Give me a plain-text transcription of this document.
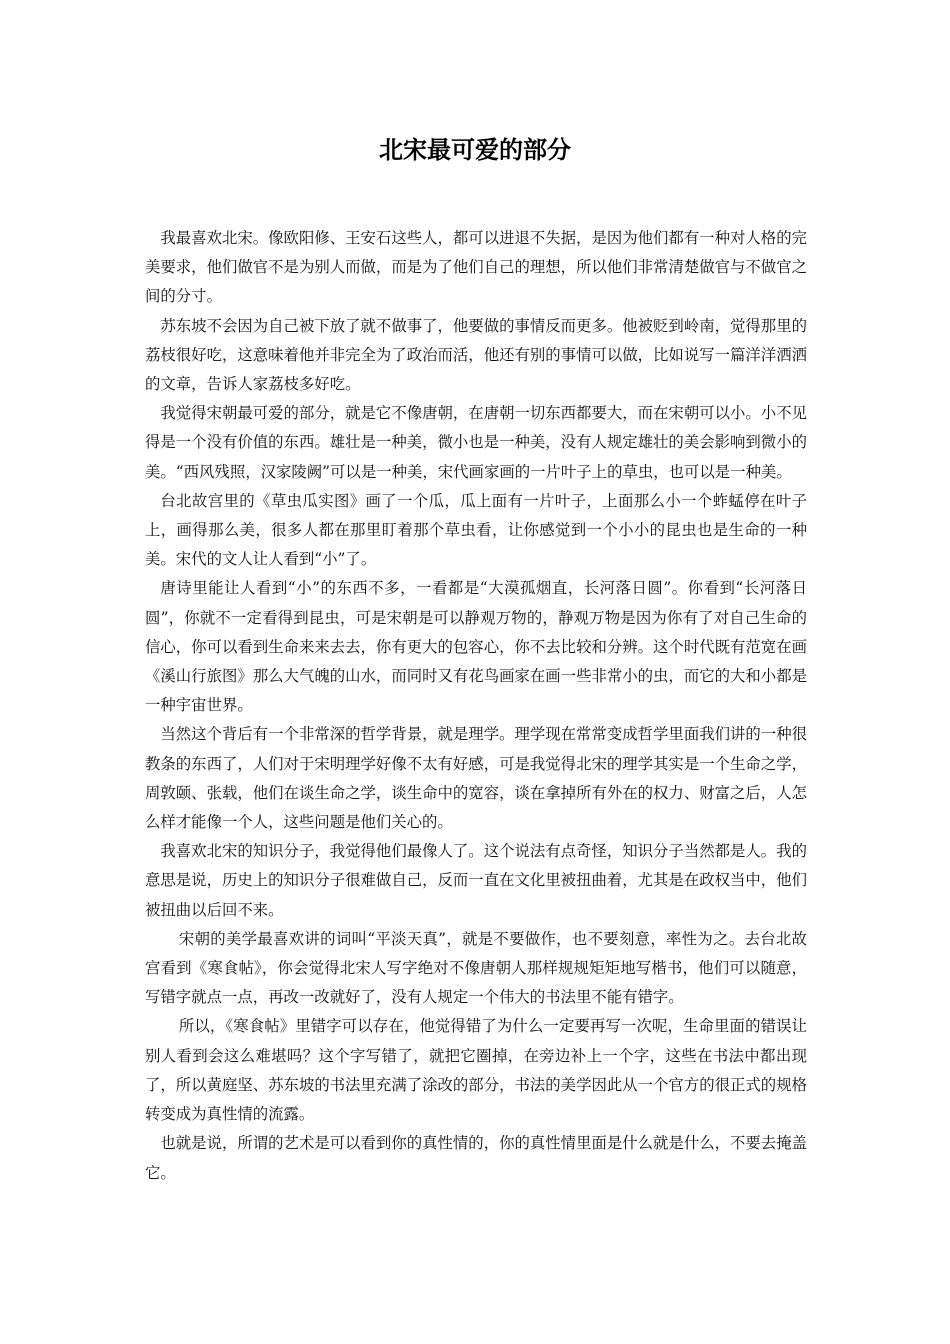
北宋最可爱的部分

我最喜欢北宋。像欧阳修、王安石这些人，都可以进退不失据，是因为他们都有一种对人格的完美要求，他们做官不是为别人而做，而是为了他们自己的理想，所以他们非常清楚做官与不做官之间的分寸。

苏东坡不会因为自己被下放了就不做事了，他要做的事情反而更多。他被贬到岭南，觉得那里的荔枝很好吃，这意味着他并非完全为了政治而活，他还有别的事情可以做，比如说写一篇洋洋洒洒的文章，告诉人家荔枝多好吃。

我觉得宋朝最可爱的部分，就是它不像唐朝，在唐朝一切东西都要大，而在宋朝可以小。小不见得是一个没有价值的东西。雄壮是一种美，微小也是一种美，没有人规定雄壮的美会影响到微小的美。“西风残照，汉家陵阙”可以是一种美，宋代画家画的一片叶子上的草虫，也可以是一种美。

台北故宫里的《草虫瓜实图》画了一个瓜，瓜上面有一片叶子，上面那么小一个蚱蜢停在叶子上，画得那么美，很多人都在那里盯着那个草虫看，让你感觉到一个小小的昆虫也是生命的一种美。宋代的文人让人看到“小”了。

唐诗里能让人看到“小”的东西不多，一看都是“大漠孤烟直，长河落日圆”。你看到“长河落日圆”，你就不一定看得到昆虫，可是宋朝是可以静观万物的，静观万物是因为你有了对自己生命的信心，你可以看到生命来来去去，你有更大的包容心，你不去比较和分辨。这个时代既有范宽在画《溪山行旅图》那么大气魄的山水，而同时又有花鸟画家在画一些非常小的虫，而它的大和小都是一种宇宙世界。

当然这个背后有一个非常深的哲学背景，就是理学。理学现在常常变成哲学里面我们讲的一种很教条的东西了，人们对于宋明理学好像不太有好感，可是我觉得北宋的理学其实是一个生命之学，周敦颐、张载，他们在谈生命之学，谈生命中的宽容，谈在拿掉所有外在的权力、财富之后，人怎么样才能像一个人，这些问题是他们关心的。

我喜欢北宋的知识分子，我觉得他们最像人了。这个说法有点奇怪，知识分子当然都是人。我的意思是说，历史上的知识分子很难做自己，反而一直在文化里被扭曲着，尤其是在政权当中，他们被扭曲以后回不来。

宋朝的美学最喜欢讲的词叫“平淡天真”，就是不要做作，也不要刻意，率性为之。去台北故宫看到《寒食帖》，你会觉得北宋人写字绝对不像唐朝人那样规规矩矩地写楷书，他们可以随意，写错字就点一点，再改一改就好了，没有人规定一个伟大的书法里不能有错字。

所以，《寒食帖》里错字可以存在，他觉得错了为什么一定要再写一次呢，生命里面的错误让别人看到会这么难堪吗？这个字写错了，就把它圈掉，在旁边补上一个字，这些在书法中都出现了，所以黄庭坚、苏东坡的书法里充满了涂改的部分，书法的美学因此从一个官方的很正式的规格转变成为真性情的流露。

也就是说，所谓的艺术是可以看到你的真性情的，你的真性情里面是什么就是什么，不要去掩盖它。
